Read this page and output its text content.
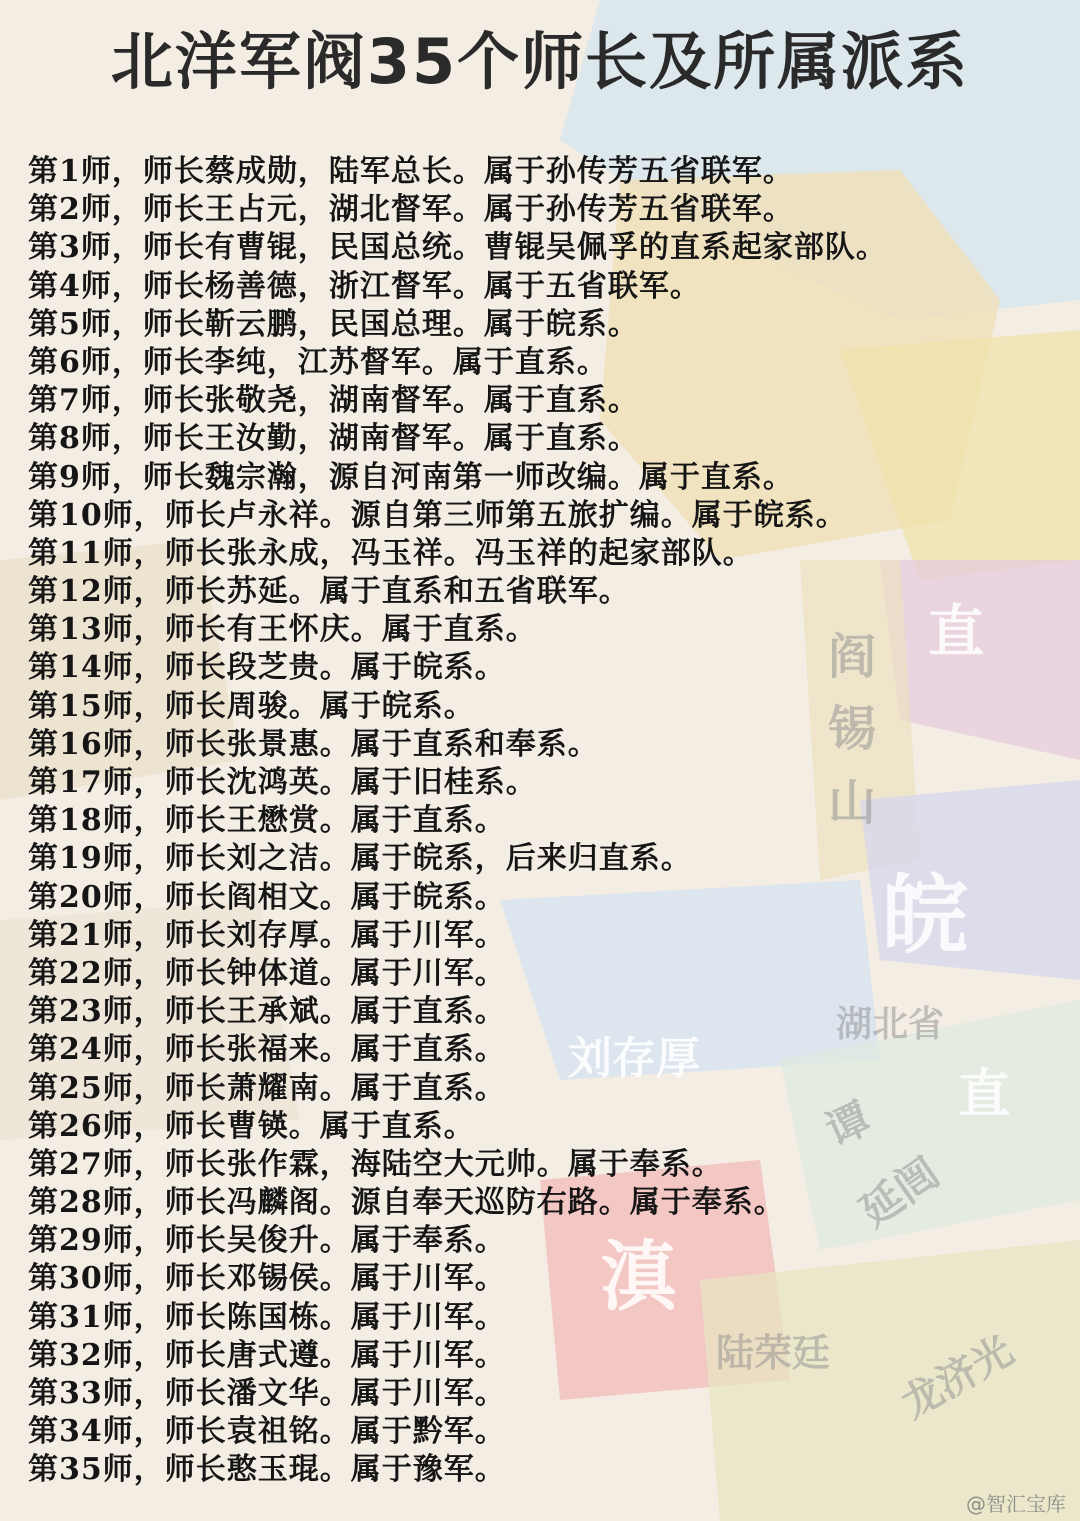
直
阎
锡
山
皖
湖北省
直
刘存厚
谭
延闿
滇
陆荣廷 龙济光
北洋军阀35个师长及所属派系
第1师，师长蔡成勋，陆军总长。属于孙传芳五省联军。
第2师，师长王占元，湖北督军。属于孙传芳五省联军。
第3师，师长有曹锟，民国总统。曹锟吴佩孚的直系起家部队。
第4师，师长杨善德，浙江督军。属于五省联军。
第5师，师长靳云鹏，民国总理。属于皖系。
第6师，师长李纯，江苏督军。属于直系。
第7师，师长张敬尧，湖南督军。属于直系。
第8师，师长王汝勤，湖南督军。属于直系。
第9师，师长魏宗瀚，源自河南第一师改编。属于直系。
第10师，师长卢永祥。源自第三师第五旅扩编。属于皖系。
第11师，师长张永成，冯玉祥。冯玉祥的起家部队。
第12师，师长苏延。属于直系和五省联军。
第13师，师长有王怀庆。属于直系。
第14师，师长段芝贵。属于皖系。
第15师，师长周骏。属于皖系。
第16师，师长张景惠。属于直系和奉系。
第17师，师长沈鸿英。属于旧桂系。
第18师，师长王懋赏。属于直系。
第19师，师长刘之洁。属于皖系，后来归直系。
第20师，师长阎相文。属于皖系。
第21师，师长刘存厚。属于川军。
第22师，师长钟体道。属于川军。
第23师，师长王承斌。属于直系。
第24师，师长张福来。属于直系。
第25师，师长萧耀南。属于直系。
第26师，师长曹锳。属于直系。
第27师，师长张作霖，海陆空大元帅。属于奉系。
第28师，师长冯麟阁。源自奉天巡防右路。属于奉系。
第29师，师长吴俊升。属于奉系。
第30师，师长邓锡侯。属于川军。
第31师，师长陈国栋。属于川军。
第32师，师长唐式遵。属于川军。
第33师，师长潘文华。属于川军。
第34师，师长袁祖铭。属于黔军。
第35师，师长憨玉琨。属于豫军。
@智汇宝库
